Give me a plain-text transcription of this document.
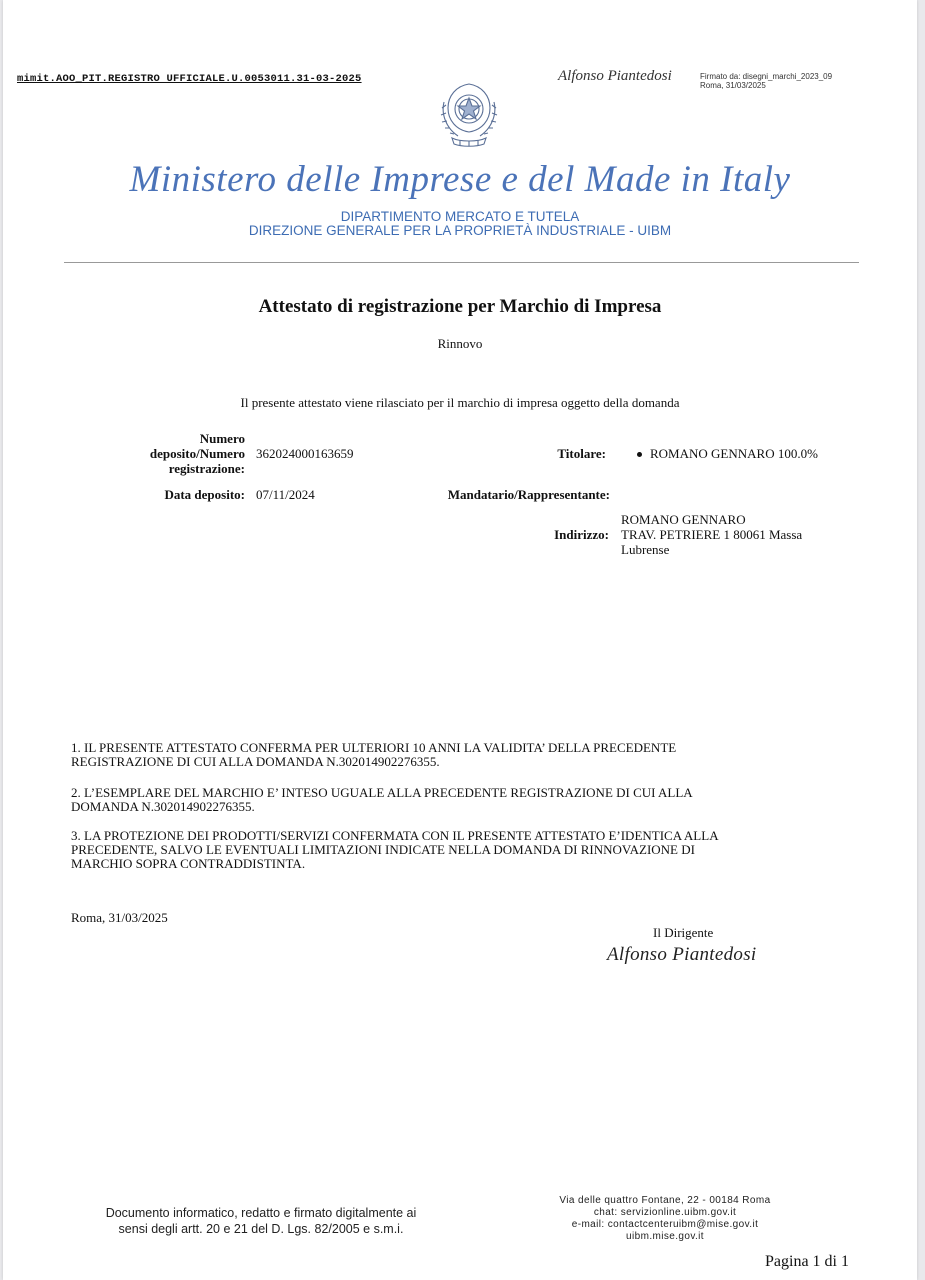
mimit.AOO_PIT.REGISTRO UFFICIALE.U.0053011.31-03-2025	Alfonso Piantedosi	Firmato da: disegni_marchi_2023_09
Roma, 31/03/2025
Ministero delle Imprese e del Made in Italy
DIPARTIMENTO MERCATO E TUTELA
DIREZIONE GENERALE PER LA PROPRIETÀ INDUSTRIALE - UIBM
Attestato di registrazione per Marchio di Impresa
Rinnovo
Il presente attestato viene rilasciato per il marchio di impresa oggetto della domanda
Numero
deposito/Numero
registrazione:
362024000163659	Titolare:	ROMANO GENNARO 100.0%
Data deposito: 07/11/2024	Mandatario/Rappresentante:
Indirizzo:
ROMANO GENNARO
TRAV. PETRIERE 1 80061 Massa
Lubrense
1. IL PRESENTE ATTESTATO CONFERMA PER ULTERIORI 10 ANNI LA VALIDITA’ DELLA PRECEDENTE
REGISTRAZIONE DI CUI ALLA DOMANDA N.302014902276355.
2. L’ESEMPLARE DEL MARCHIO E’ INTESO UGUALE ALLA PRECEDENTE REGISTRAZIONE DI CUI ALLA
DOMANDA N.302014902276355.
3. LA PROTEZIONE DEI PRODOTTI/SERVIZI CONFERMATA CON IL PRESENTE ATTESTATO E’IDENTICA ALLA
PRECEDENTE, SALVO LE EVENTUALI LIMITAZIONI INDICATE NELLA DOMANDA DI RINNOVAZIONE DI
MARCHIO SOPRA CONTRADDISTINTA.
Roma, 31/03/2025
Il Dirigente
Alfonso Piantedosi
Documento informatico, redatto e firmato digitalmente ai
sensi degli artt. 20 e 21 del D. Lgs. 82/2005 e s.m.i.
Via delle quattro Fontane, 22 - 00184 Roma
chat: servizionline.uibm.gov.it
e-mail: contactcenteruibm@mise.gov.it
uibm.mise.gov.it
Pagina 1 di 1
